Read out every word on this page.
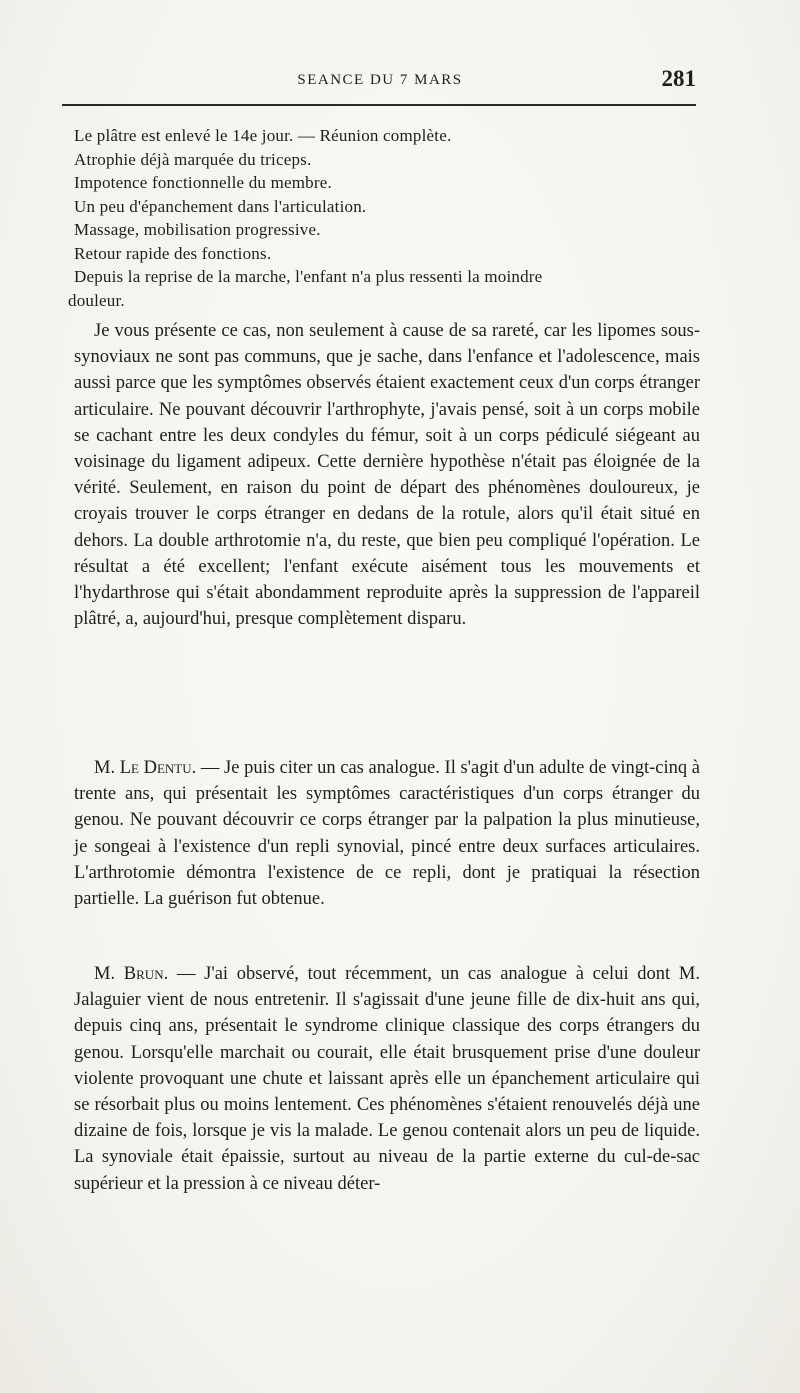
SEANCE DU 7 MARS	281
Le plâtre est enlevé le 14e jour. — Réunion complète.
Atrophie déjà marquée du triceps.
Impotence fonctionnelle du membre.
Un peu d'épanchement dans l'articulation.
Massage, mobilisation progressive.
Retour rapide des fonctions.
Depuis la reprise de la marche, l'enfant n'a plus ressenti la moindre
douleur.

Je vous présente ce cas, non seulement à cause de sa rareté, car les lipomes sous-synoviaux ne sont pas communs, que je sache, dans l'enfance et l'adolescence, mais aussi parce que les symptômes observés étaient exactement ceux d'un corps étranger articulaire. Ne pouvant découvrir l'arthrophyte, j'avais pensé, soit à un corps mobile se cachant entre les deux condyles du fémur, soit à un corps pédiculé siégeant au voisinage du ligament adipeux. Cette dernière hypothèse n'était pas éloignée de la vérité. Seulement, en raison du point de départ des phénomènes douloureux, je croyais trouver le corps étranger en dedans de la rotule, alors qu'il était situé en dehors. La double arthrotomie n'a, du reste, que bien peu compliqué l'opération. Le résultat a été excellent; l'enfant exécute aisément tous les mouvements et l'hydarthrose qui s'était abondamment reproduite après la suppression de l'appareil plâtré, a, aujourd'hui, presque complètement disparu.

M. Le Dentu. — Je puis citer un cas analogue. Il s'agit d'un adulte de vingt-cinq à trente ans, qui présentait les symptômes caractéristiques d'un corps étranger du genou. Ne pouvant découvrir ce corps étranger par la palpation la plus minutieuse, je songeai à l'existence d'un repli synovial, pincé entre deux surfaces articulaires. L'arthrotomie démontra l'existence de ce repli, dont je pratiquai la résection partielle. La guérison fut obtenue.

M. Brun. — J'ai observé, tout récemment, un cas analogue à celui dont M. Jalaguier vient de nous entretenir. Il s'agissait d'une jeune fille de dix-huit ans qui, depuis cinq ans, présentait le syndrome clinique classique des corps étrangers du genou. Lorsqu'elle marchait ou courait, elle était brusquement prise d'une douleur violente provoquant une chute et laissant après elle un épanchement articulaire qui se résorbait plus ou moins lentement. Ces phénomènes s'étaient renouvelés déjà une dizaine de fois, lorsque je vis la malade. Le genou contenait alors un peu de liquide. La synoviale était épaissie, surtout au niveau de la partie externe du cul-de-sac supérieur et la pression à ce niveau déter-
